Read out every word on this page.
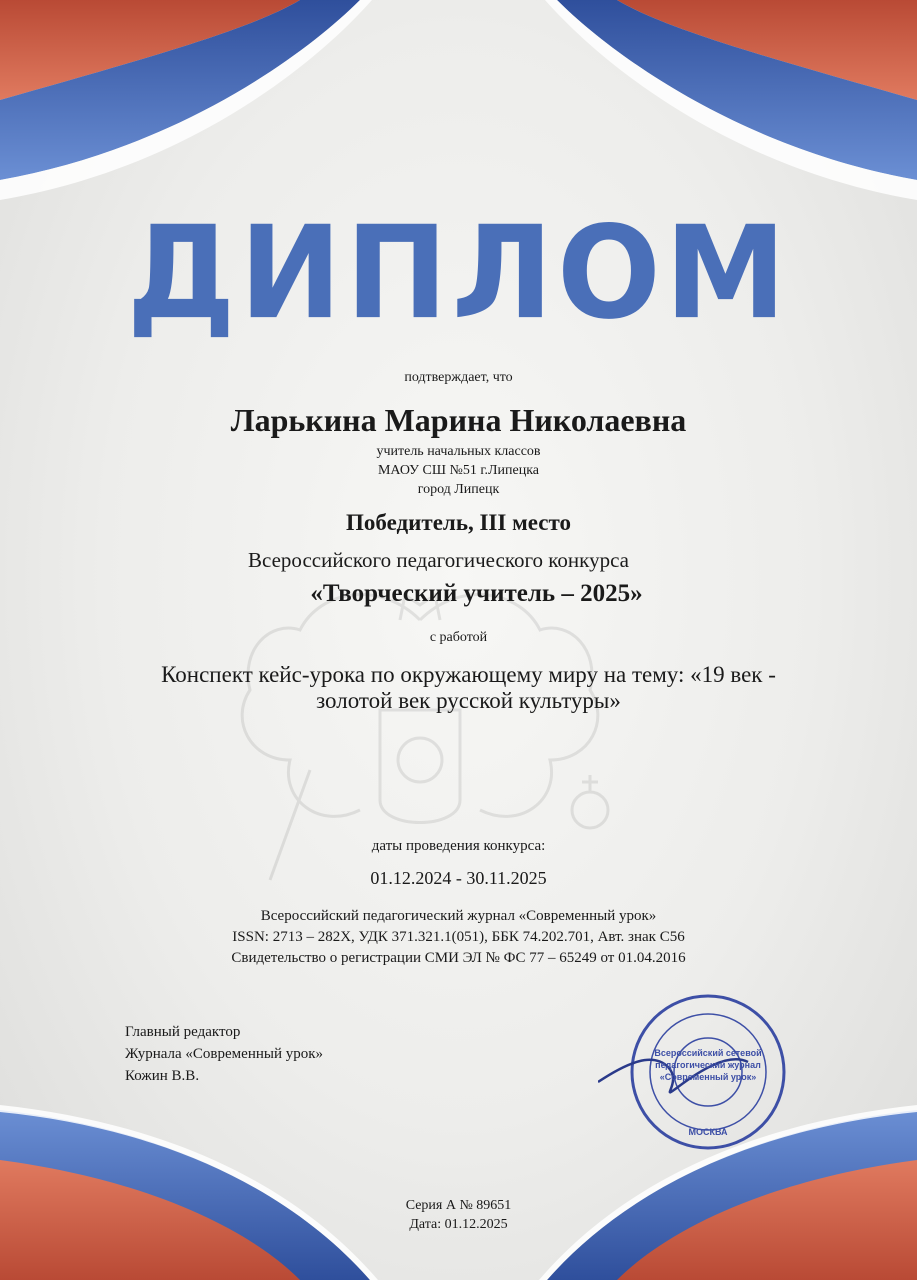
ДИПЛОМ
подтверждает, что
Ларькина Марина Николаевна
учитель начальных классов
МАОУ СШ №51 г.Липецка
город Липецк
Победитель, III место
Всероссийского педагогического конкурса
«Творческий учитель – 2025»
с работой
Конспект кейс-урока по окружающему миру на тему: «19 век - золотой век русской культуры»
даты проведения конкурса:
01.12.2024 - 30.11.2025
Всероссийский педагогический журнал «Современный урок»
ISSN: 2713 – 282X, УДК 371.321.1(051), ББК 74.202.701, Авт. знак С56
Свидетельство о регистрации СМИ ЭЛ № ФС 77 – 65249 от 01.04.2016
Главный редактор
Журнала «Современный урок»
Кожин В.В.
Всероссийский сетевой
педагогический журнал
«Современный урок»
МОСКВА
Серия А № 89651
Дата: 01.12.2025
